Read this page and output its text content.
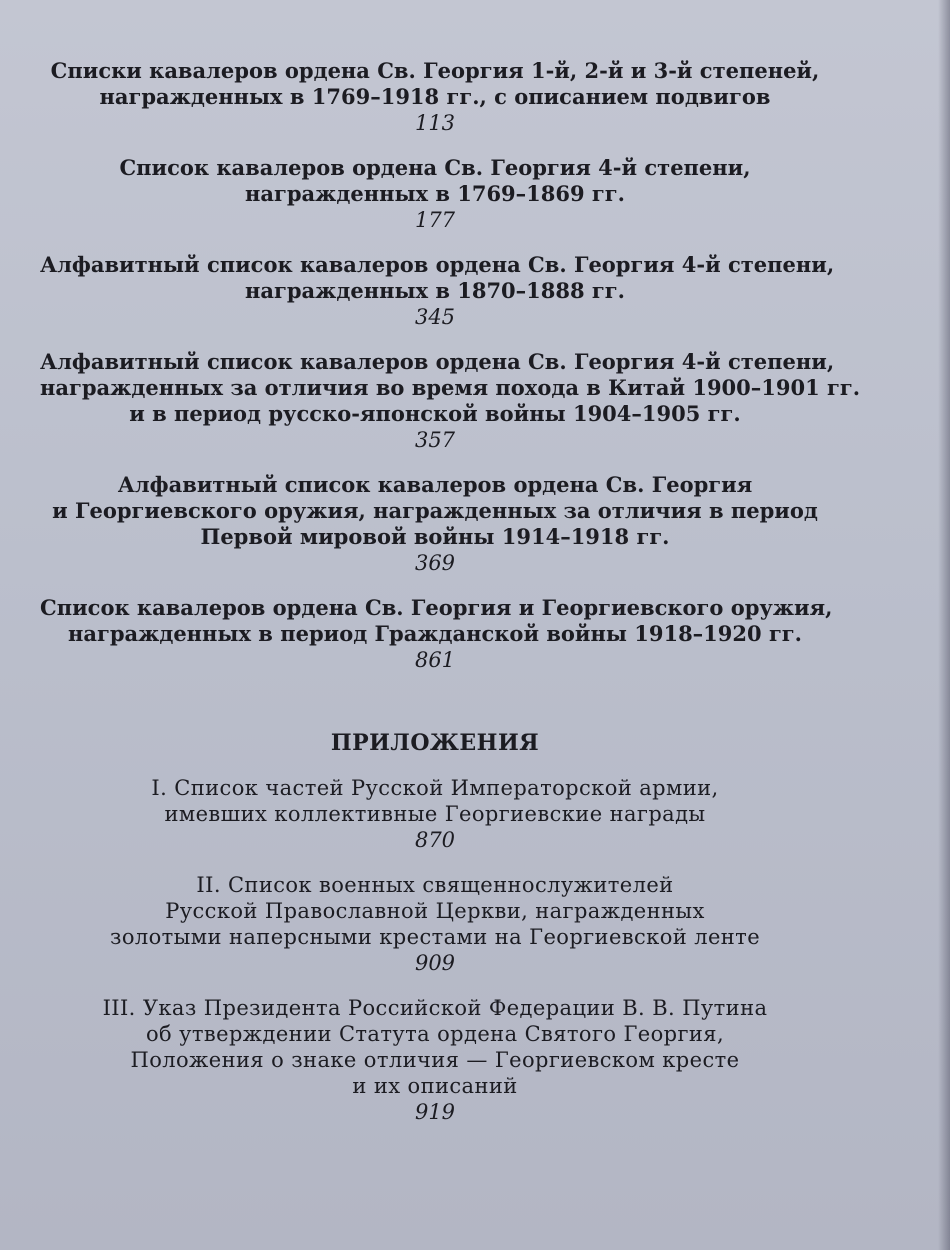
Списки кавалеров ордена Св. Георгия 1-й, 2-й и 3-й степеней,
награжденных в 1769–1918 гг., с описанием подвигов
113
Список кавалеров ордена Св. Георгия 4-й степени,
награжденных в 1769–1869 гг.
177
Алфавитный список кавалеров ордена Св. Георгия 4-й степени,
награжденных в 1870–1888 гг.
345
Алфавитный список кавалеров ордена Св. Георгия 4-й степени,
награжденных за отличия во время похода в Китай 1900–1901 гг.
и в период русско-японской войны 1904–1905 гг.
357
Алфавитный список кавалеров ордена Св. Георгия
и Георгиевского оружия, награжденных за отличия в период
Первой мировой войны 1914–1918 гг.
369
Список кавалеров ордена Св. Георгия и Георгиевского оружия,
награжденных в период Гражданской войны 1918–1920 гг.
861
ПРИЛОЖЕНИЯ
I. Список частей Русской Императорской армии,
имевших коллективные Георгиевские награды
870
II. Список военных священнослужителей
Русской Православной Церкви, награжденных
золотыми наперсными крестами на Георгиевской ленте
909
III. Указ Президента Российской Федерации В. В. Путина
об утверждении Статута ордена Святого Георгия,
Положения о знаке отличия — Георгиевском кресте
и их описаний
919
